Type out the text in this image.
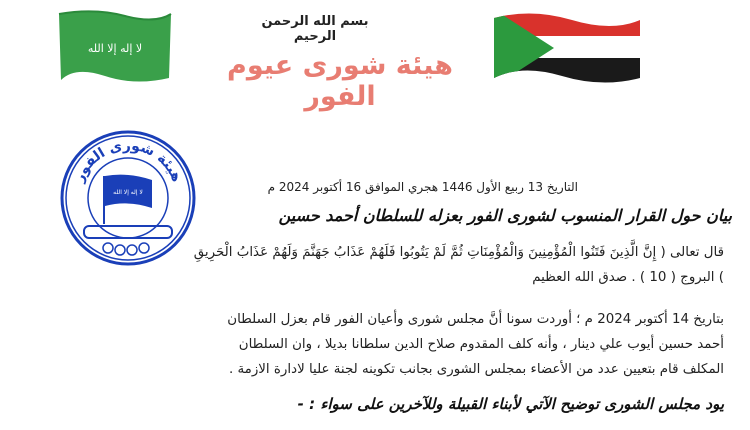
لا إله إلا الله
بسم الله الرحمن الرحيم
هيئة شورى عيوم الفور
هيئة شورى الفور
لا إله إلا الله	التاريخ 13 ربيع الأول 1446 هجري الموافق 16 أكتوبر 2024 م
بيان حول القرار المنسوب لشورى الفور بعزله للسلطان أحمد حسين
قال تعالى ( إِنَّ الَّذِينَ فَتَنُوا الْمُؤْمِنِينَ وَالْمُؤْمِنَاتِ ثُمَّ لَمْ يَتُوبُوا فَلَهُمْ عَذَابُ جَهَنَّمَ وَلَهُمْ عَذَابُ الْحَرِيقِ
) البروج ( 10 ) . صدق الله العظيم
بتاريخ 14 أكتوبر 2024 م ؛ أوردت سونا أنَّ مجلس شورى وأعيان الفور قام بعزل السلطان
أحمد حسين أيوب علي دينار ، وأنه كلف المقدوم صلاح الدين سلطانا بديلا ، وان السلطان
المكلف قام بتعيين عدد من الأعضاء بمجلس الشورى بجانب تكوينه لجنة عليا لادارة الازمة .
يود مجلس الشورى توضيح الآتي لأبناء القبيلة وللآخرين على سواء : -
